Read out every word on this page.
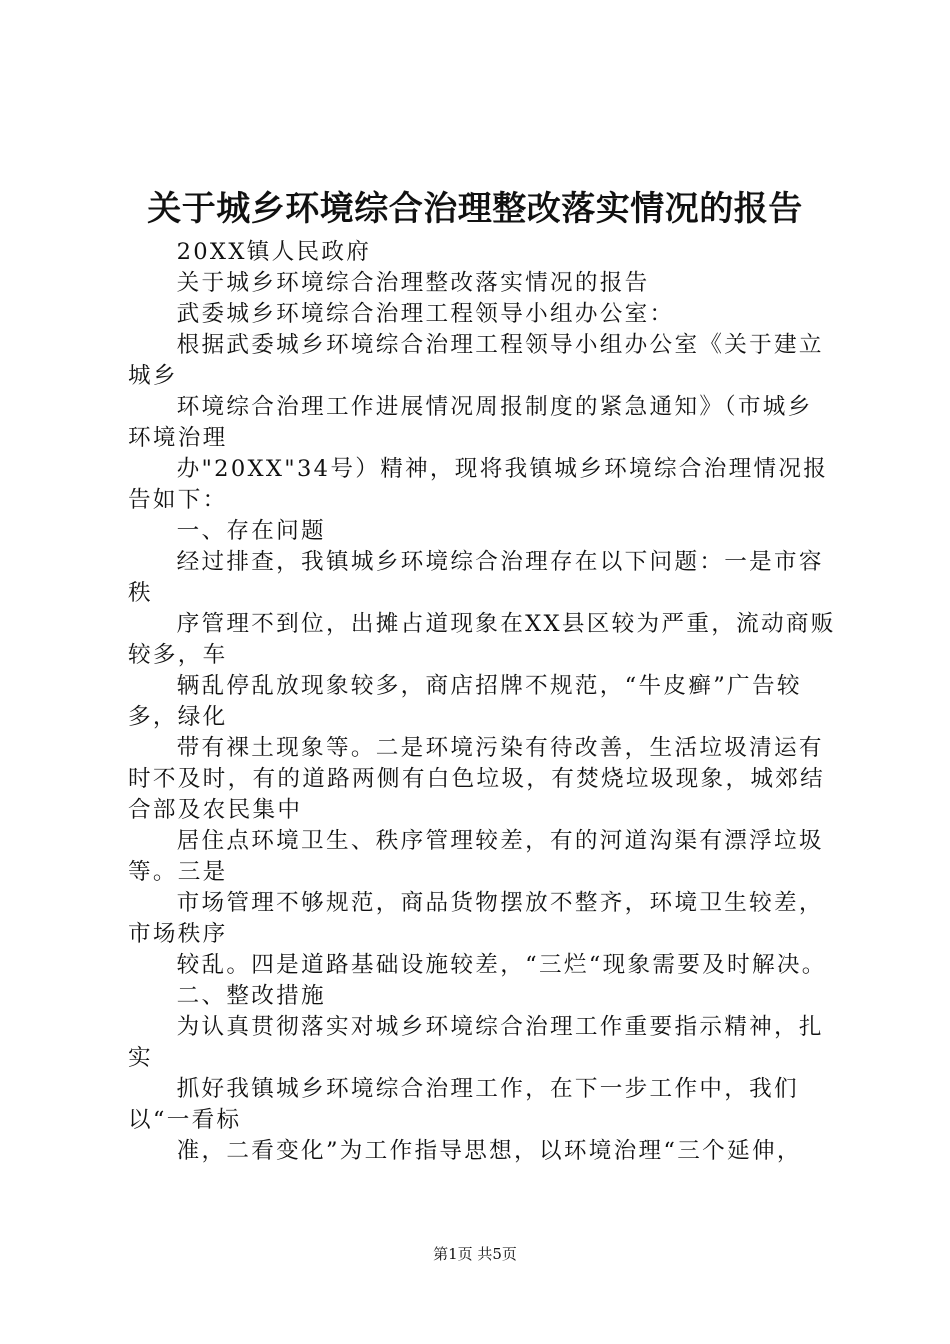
关于城乡环境综合治理整改落实情况的报告

20XX镇人民政府

关于城乡环境综合治理整改落实情况的报告

武委城乡环境综合治理工程领导小组办公室：

根据武委城乡环境综合治理工程领导小组办公室《关于建立城乡

环境综合治理工作进展情况周报制度的紧急通知》（市城乡环境治理

办"20XX"34号）精神，现将我镇城乡环境综合治理情况报告如下：

一、存在问题

经过排查，我镇城乡环境综合治理存在以下问题：一是市容秩

序管理不到位，出摊占道现象在XX县区较为严重，流动商贩较多，车

辆乱停乱放现象较多，商店招牌不规范，“牛皮癣”广告较多，绿化

带有裸土现象等。二是环境污染有待改善，生活垃圾清运有时不及时，有的道路两侧有白色垃圾，有焚烧垃圾现象，城郊结合部及农民集中

居住点环境卫生、秩序管理较差，有的河道沟渠有漂浮垃圾等。三是

市场管理不够规范，商品货物摆放不整齐，环境卫生较差，市场秩序

较乱。四是道路基础设施较差，“三烂“现象需要及时解决。

二、整改措施

为认真贯彻落实对城乡环境综合治理工作重要指示精神，扎实

抓好我镇城乡环境综合治理工作，在下一步工作中，我们以“一看标

准，二看变化”为工作指导思想，以环境治理“三个延伸，

第1页 共5页
